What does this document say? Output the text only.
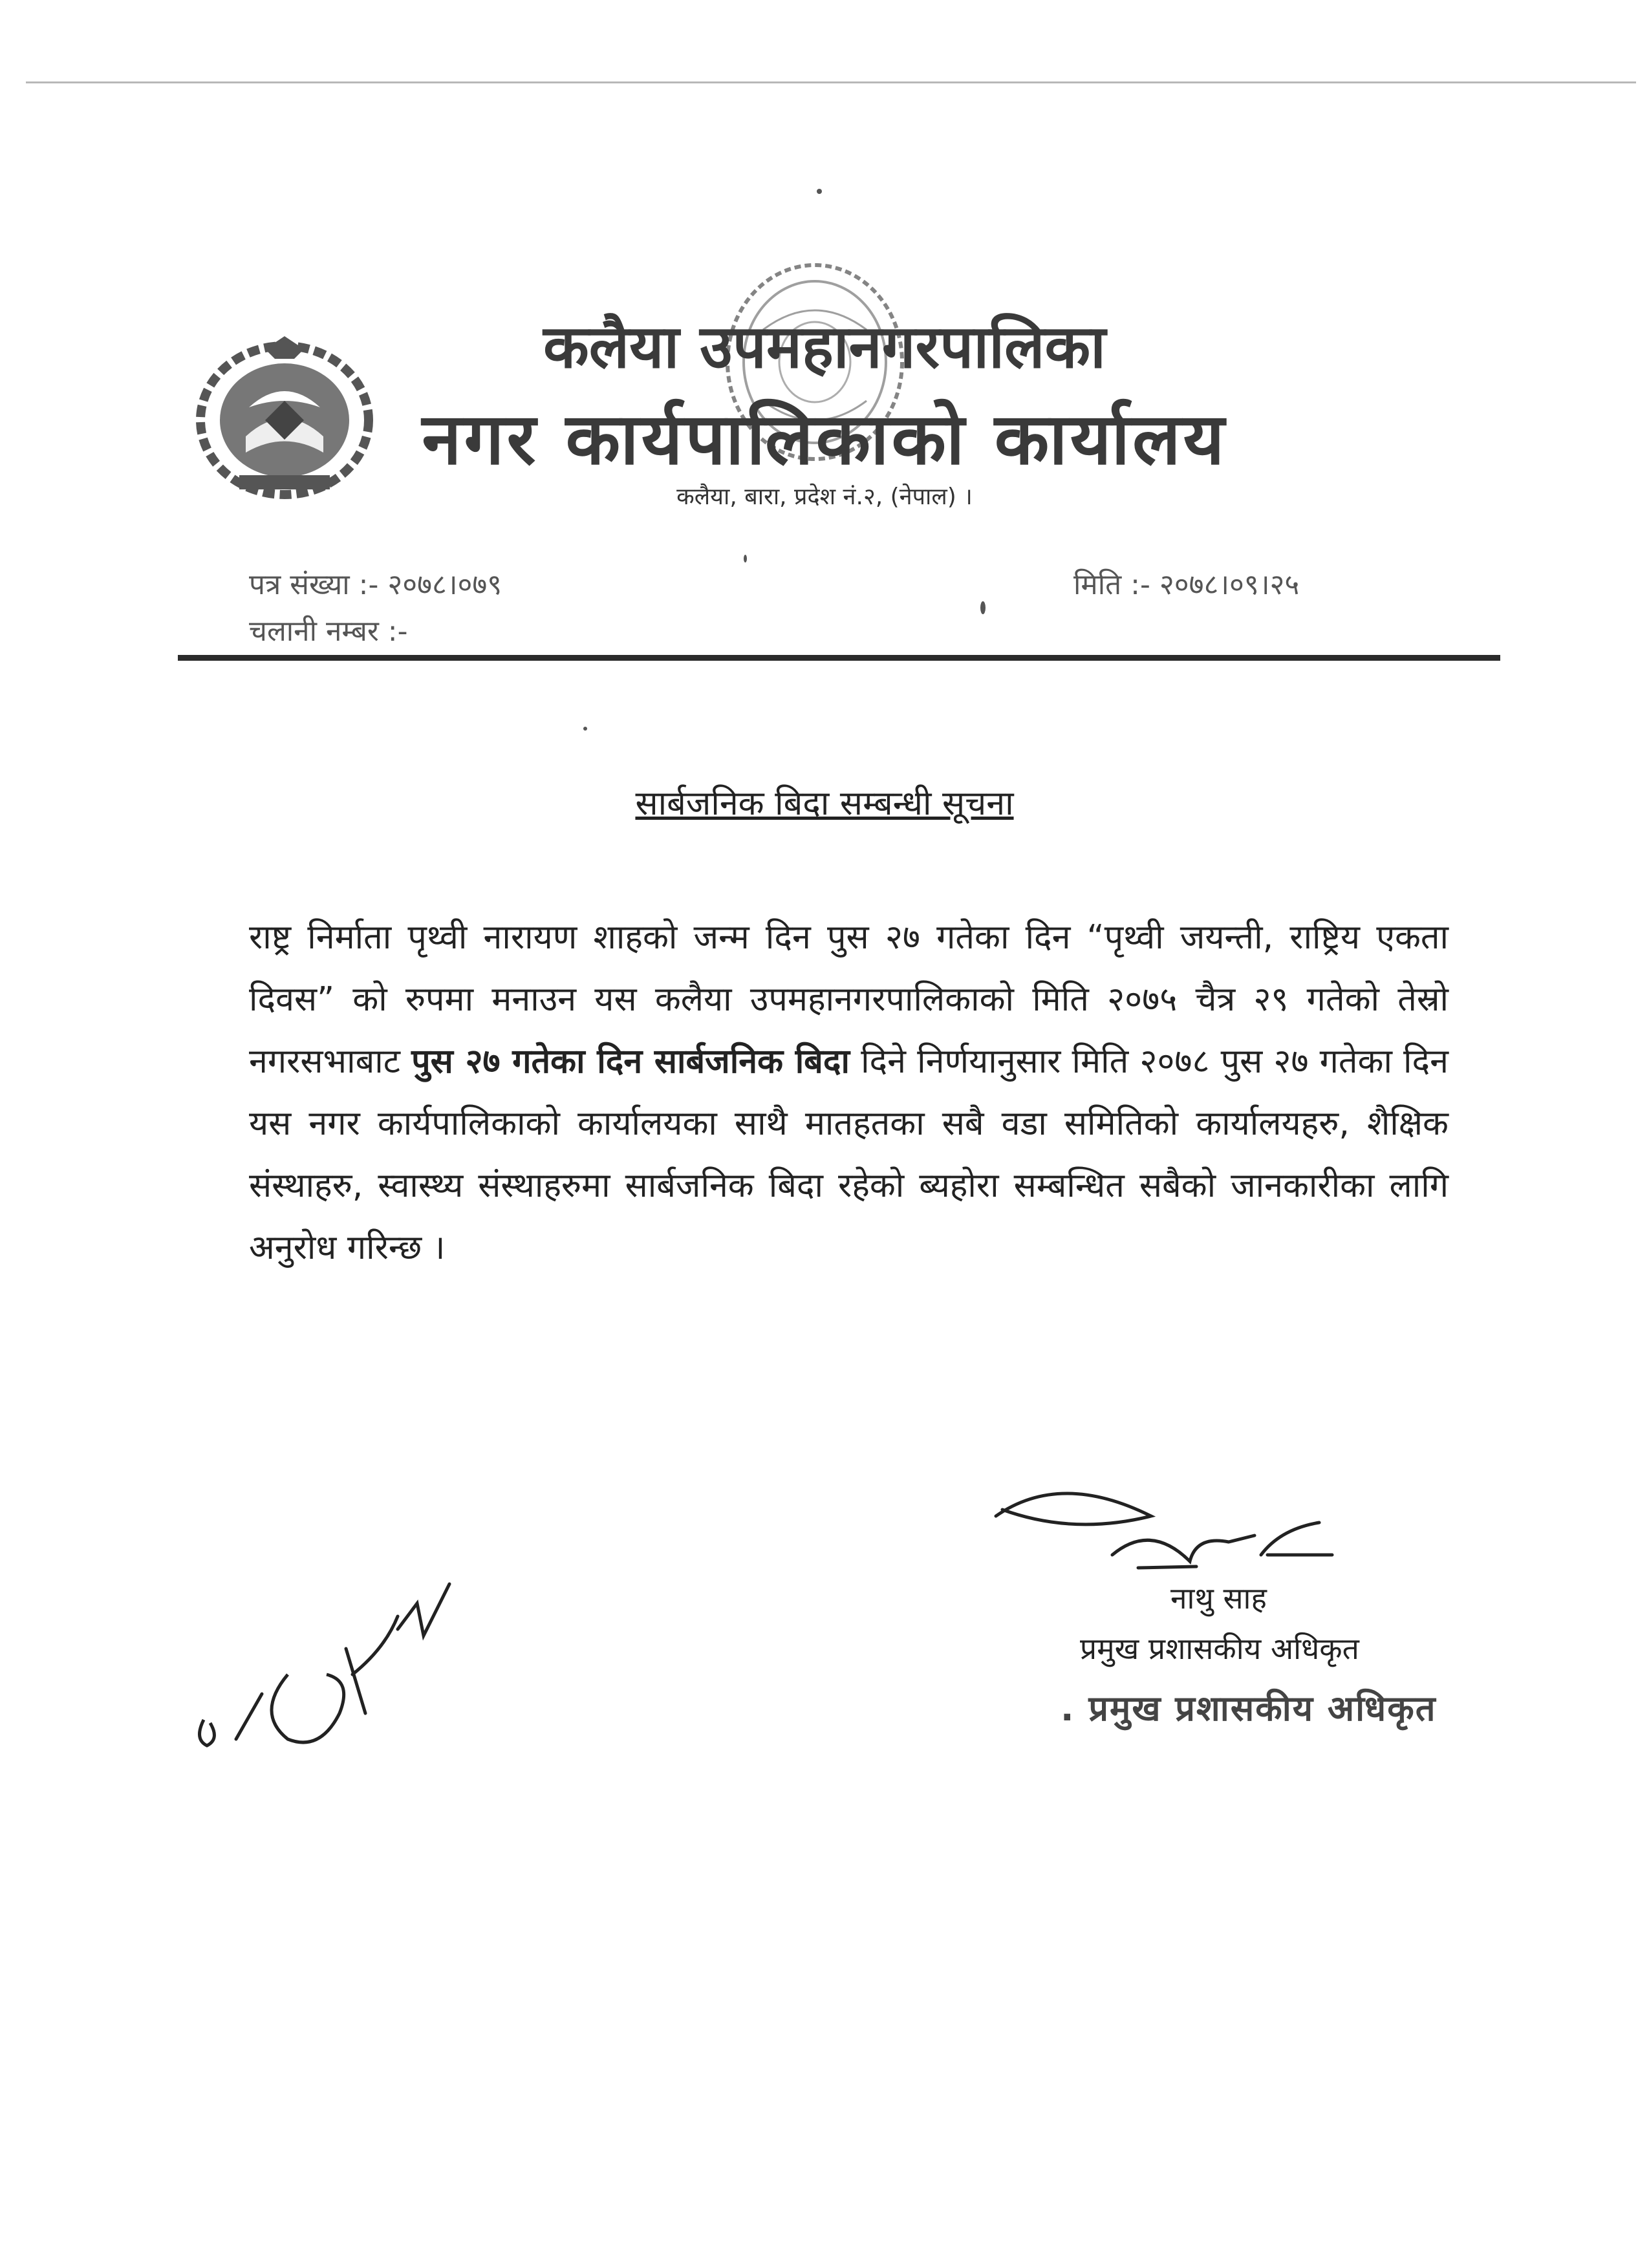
कलैया उपमहानगरपालिका
नगर कार्यपालिकाको कार्यालय
कलैया, बारा, प्रदेश नं.२, (नेपाल) ।
पत्र संख्या :- २०७८।०७९
चलानी नम्बर :-
मिति :- २०७८।०९।२५
सार्बजनिक बिदा सम्बन्धी सूचना
राष्ट्र निर्माता पृथ्वी नारायण शाहको जन्म दिन पुस २७ गतेका दिन “पृथ्वी जयन्ती, राष्ट्रिय एकता दिवस” को रुपमा मनाउन यस कलैया उपमहानगरपालिकाको मिति २०७५ चैत्र २९ गतेको तेस्रो नगरसभाबाट पुस २७ गतेका दिन सार्बजनिक बिदा दिने निर्णयानुसार मिति २०७८ पुस २७ गतेका दिन यस नगर कार्यपालिकाको कार्यालयका साथै मातहतका सबै वडा समितिको कार्यालयहरु, शैक्षिक संस्थाहरु, स्वास्थ्य संस्थाहरुमा सार्बजनिक बिदा रहेको ब्यहोरा सम्बन्धित सबैको जानकारीका लागि अनुरोध गरिन्छ ।
नाथु साह
प्रमुख प्रशासकीय अधिकृत
. प्रमुख प्रशासकीय अधिकृत
